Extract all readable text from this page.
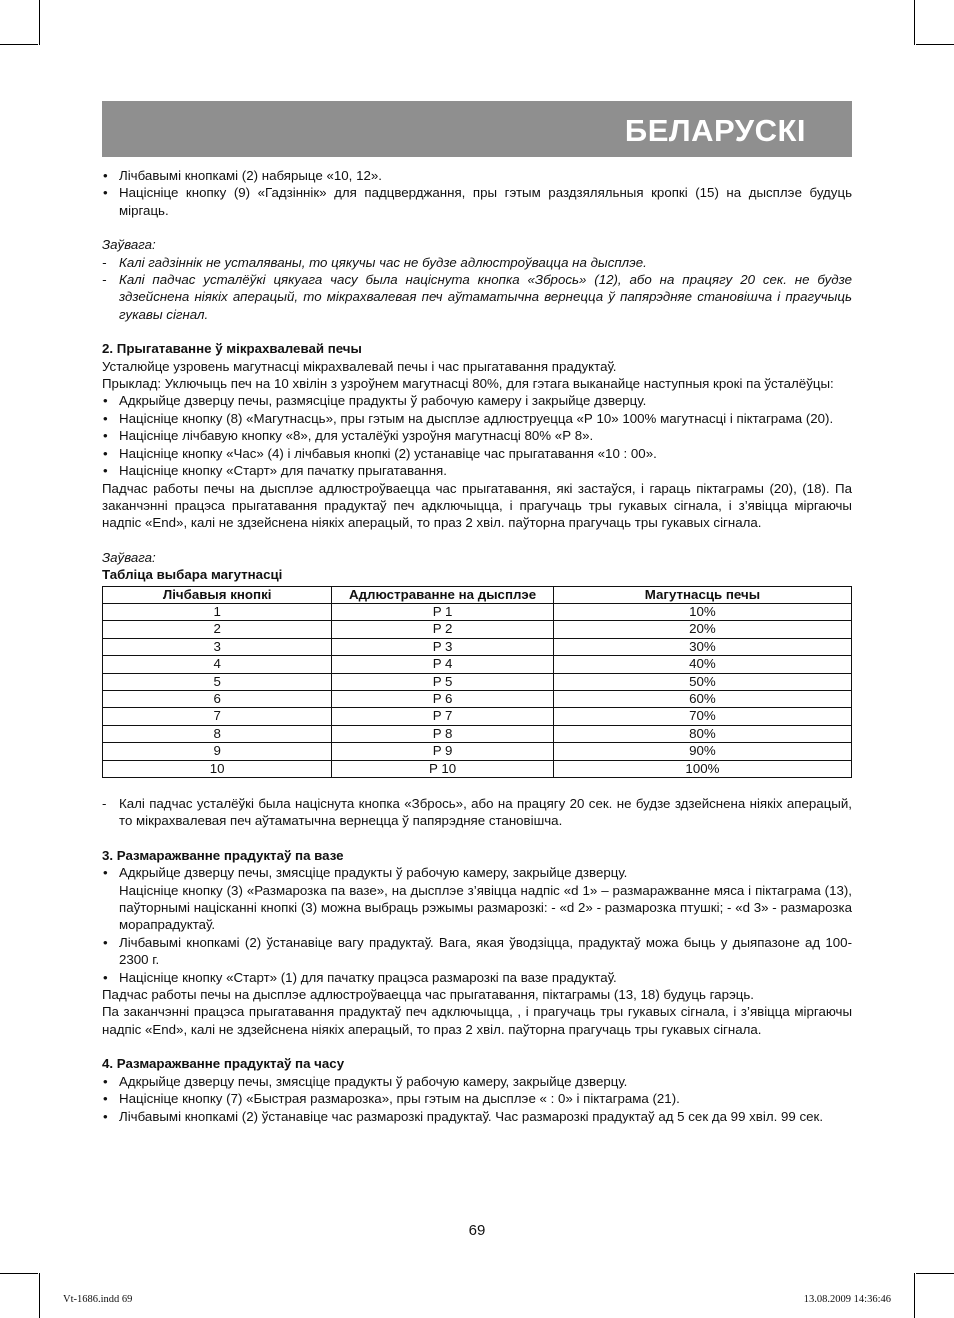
БЕЛАРУСКІ
• Лічбавымі кнопкамі (2) набярыце «10, 12».
• Націсніце кнопку (9) «Гадзіннік» для падцверджання, пры гэтым раздзяляльныя кропкі (15) на дысплэе будуць міргаць.

Заўвага:

- Калі гадзіннік не усталяваны, то цякучы час не будзе адлюстроўвацца на дысплэе.
- Калі падчас усталёўкі цякуага часу была націснута кнопка «Збрось» (12), або на працягу 20 сек. не будзе здзейснена ніякіх аперацый, то мікрахвалевая печ аўтаматычна вернецца ў папярэдняе становішча і прагучыць гукавы сігнал.

2. Прыгатаванне ў мікрахвалевай печы

Усталюйце узровень магутнасці мікрахвалевай печы і час прыгатавання прадуктаў.

Прыклад: Уключыць печ на 10 хвілін з узроўнем магутнасці 80%, для гэтага выканайце наступныя крокі па ўсталёўцы:

• Адкрыйце дзверцу печы, размясціце прадукты ў рабочую камеру і закрыйце дзверцу.
• Націсніце кнопку (8) «Магутнасць», пры гэтым на дысплэе адлюструецца «Р 10» 100% магутнасці і піктаграма (20).
• Націсніце лічбавую кнопку «8», для усталёўкі узроўня магутнасці 80% «Р 8».
• Націсніце кнопку «Час» (4) і лічбавыя кнопкі (2) устанавіце час прыгатавання «10 : 00».
• Націсніце кнопку «Старт» для пачатку прыгатавання.

Падчас работы печы на дысплэе адлюстроўваецца час прыгатавання, які застаўся, і гараць піктаграмы (20), (18). Па заканчэнні працэса прыгатавання прадуктаў печ адключыцца, і прагучаць тры гукавых сігнала, і з’явіцца міргаючы надпіс «End», калі не здзейснена ніякіх аперацый, то праз 2 хвіл. паўторна прагучаць тры гукавых сігнала.

Заўвага:

Табліца выбара магутнасці

Лічбавыя кнопкі	Адлюстраванне на дысплэе	Магутнасць печы
1	P 1	10%
2	P 2	20%
3	P 3	30%
4	P 4	40%
5	P 5	50%
6	P 6	60%
7	P 7	70%
8	P 8	80%
9	P 9	90%
10	P 10	100%
- Калі падчас усталёўкі была націснута кнопка «Збрось», або на працягу 20 сек. не будзе здзейснена ніякіх аперацый, то мікрахвалевая печ аўтаматычна вернецца ў папярэдняе становішча.

3. Размаражванне прадуктаў па вазе

• Адкрыйце дзверцу печы, змясціце прадукты ў рабочую камеру, закрыйце дзверцу.
Націсніце кнопку (3) «Размарозка па вазе», на дысплэе з’явіцца надпіс «d 1» – размаражванне мяса і піктаграма (13), паўторнымі націсканні кнопкі (3) можна выбраць рэжымы размарозкі: - «d 2» - размарозка птушкі; - «d 3» - размарозка морапрадуктаў.
• Лічбавымі кнопкамі (2) ўстанавіце вагу прадуктаў. Вага, якая ўводзіцца, прадуктаў можа быць у дыяпазоне ад 100-2300 г.
• Націсніце кнопку «Старт» (1) для пачатку працэса размарозкі па вазе прадуктаў.

Падчас работы печы на дысплэе адлюстроўваецца час прыгатавання, піктаграмы (13, 18) будуць гарэць.

Па заканчэнні працэса прыгатавання прадуктаў печ адключыцца, , і прагучаць тры гукавых сігнала, і з’явіцца міргаючы надпіс «End», калі не здзейснена ніякіх аперацый, то праз 2 хвіл. паўторна прагучаць тры гукавых сігнала.

4. Размаражванне прадуктаў па часу

• Адкрыйце дзверцу печы, змясціце прадукты ў рабочую камеру, закрыйце дзверцу.
• Націсніце кнопку (7) «Быстрая размарозка», пры гэтым на дысплэе « : 0» і піктаграма (21).
• Лічбавымі кнопкамі (2) ўстанавіце час размарозкі прадуктаў. Час размарозкі прадуктаў ад 5 сек да 99 хвіл. 99 сек.
69
Vt-1686.indd 69	13.08.2009 14:36:46
